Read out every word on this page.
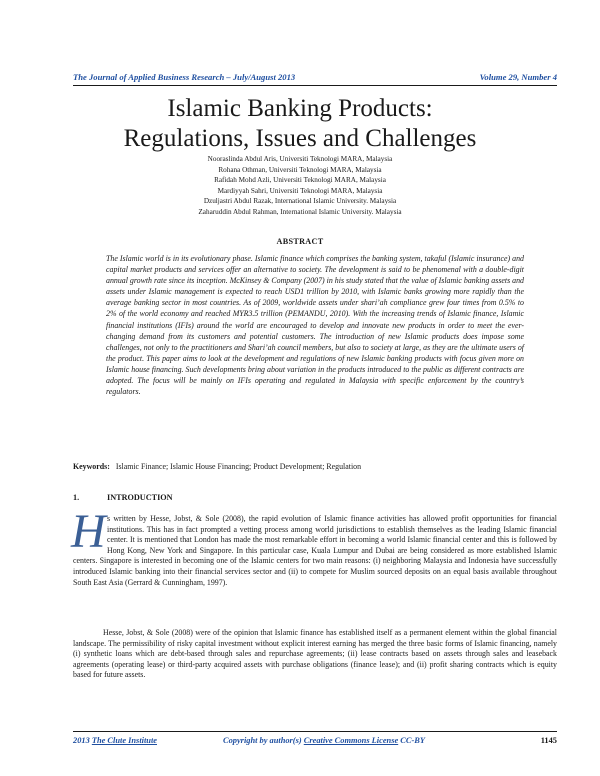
The Journal of Applied Business Research – July/August 2013	Volume 29, Number 4
Islamic Banking Products:
Regulations, Issues and Challenges
Nooraslinda Abdul Aris, Universiti Teknologi MARA, Malaysia
Rohana Othman, Universiti Teknologi MARA, Malaysia
Rafidah Mohd Azli, Universiti Teknologi MARA, Malaysia
Mardiyyah Sahri, Universiti Teknologi MARA, Malaysia
Dzuljastri Abdul Razak, International Islamic University. Malaysia
Zaharuddin Abdul Rahman, International Islamic University. Malaysia
ABSTRACT
The Islamic world is in its evolutionary phase. Islamic finance which comprises the banking system, takaful (Islamic insurance) and capital market products and services offer an alternative to society. The development is said to be phenomenal with a double-digit annual growth rate since its inception. McKinsey & Company (2007) in his study stated that the value of Islamic banking assets and assets under Islamic management is expected to reach USD1 trillion by 2010, with Islamic banks growing more rapidly than the average banking sector in most countries. As of 2009, worldwide assets under shari’ah compliance grew four times from 0.5% to 2% of the world economy and reached MYR3.5 trillion (PEMANDU, 2010). With the increasing trends of Islamic finance, Islamic financial institutions (IFIs) around the world are encouraged to develop and innovate new products in order to meet the ever-changing demand from its customers and potential customers. The introduction of new Islamic products does impose some challenges, not only to the practitioners and Shari’ah council members, but also to society at large, as they are the ultimate users of the product. This paper aims to look at the development and regulations of new Islamic banking products with focus given more on Islamic house financing. Such developments bring about variation in the products introduced to the public as different contracts are adopted. The focus will be mainly on IFIs operating and regulated in Malaysia with specific enforcement by the country’s regulators.
Keywords: Islamic Finance; Islamic House Financing; Product Development; Regulation
1.	INTRODUCTION
H s written by Hesse, Jobst, & Sole (2008), the rapid evolution of Islamic finance activities has allowed profit opportunities for financial institutions. This has in fact prompted a vetting process among world jurisdictions to establish themselves as the leading Islamic financial center. It is mentioned that London has made the most remarkable effort in becoming a world Islamic financial center and this is followed by Hong Kong, New York and Singapore. In this particular case, Kuala Lumpur and Dubai are being considered as more established Islamic centers. Singapore is interested in becoming one of the Islamic centers for two main reasons: (i) neighboring Malaysia and Indonesia have successfully introduced Islamic banking into their financial services sector and (ii) to compete for Muslim sourced deposits on an equal basis available throughout South East Asia (Gerrard & Cunningham, 1997).
Hesse, Jobst, & Sole (2008) were of the opinion that Islamic finance has established itself as a permanent element within the global financial landscape. The permissibility of risky capital investment without explicit interest earning has merged the three basic forms of Islamic financing, namely (i) synthetic loans which are debt-based through sales and repurchase agreements; (ii) lease contracts based on assets through sales and leaseback agreements (operating lease) or third-party acquired assets with purchase obligations (finance lease); and (ii) profit sharing contracts which is equity based for future assets.
2013 The Clute Institute	Copyright by author(s) Creative Commons License CC-BY	1145
